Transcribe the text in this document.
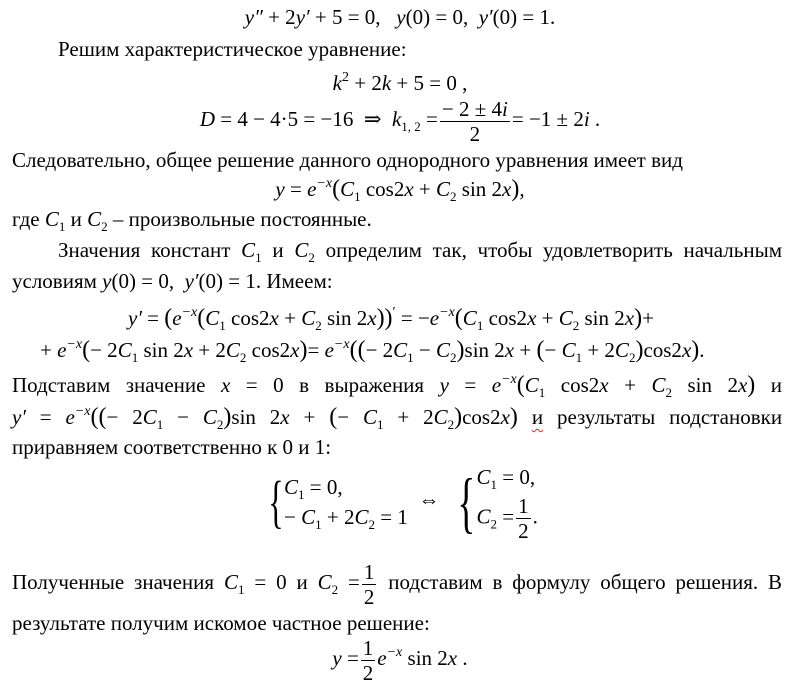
y″ + 2y′ + 5 = 0,   y(0) = 0,  y′(0) = 1.
Решим характеристическое уравнение:
$k^2 + 2k + 5 = 0$ ,
D = 4 − 4·5 = −16  ⇒  $k_{1, 2} = \frac{- 2 \pm 4i}{2} = -1 \pm 2i$ .
Следовательно, общее решение данного однородного уравнения имеет вид
$y = e^{-x}(C_1$ $\cos 2x + C_2$ sin 2x),
где $C_1$ и $C_2$ – произвольные постоянные.
Значения констант $C_1$ и $C_2$ определим так, чтобы удовлетворить начальным
условиям y(0) = 0,  y′(0) = 1. Имеем:
$y' = (e^{-x}(C_1$ $\cos 2x + C_2$ $\sin 2x))' = -e^{-x}(C_1$ $\cos 2x + C_2$ sin 2x)+
+ $e^{-x}(- 2C_1$ $\sin 2x + 2C_2$ $\cos 2x)= e^{-x}((- 2C_1 - C_2)\sin$ 2x + (− $C_1 + 2C_2)\cos 2x$).
Подставим значение x = 0 в выражения $y = e^{-x}(C_1$ $\cos 2x + C_2$ sin 2x) и
$y' = e^{-x}((- 2C_1 - C_2)\sin$ 2x + (− $C_1 + 2C_2)\cos 2x$) и результаты подстановки
приравняем соответственно к 0 и 1:
{ $C_1 = 0$,
− $C_1 + 2C_2 = 1$
⇔ { $C_1 = 0$,
$C_2 = \frac{1}{2}$ .
Полученные значения $C_1 = 0$ и $C_2 = \frac{1}{2}$ подставим в формулу общего решения. В
результате получим искомое частное решение:
$y = \frac{1}{2} e^{-x}$ sin 2x .
